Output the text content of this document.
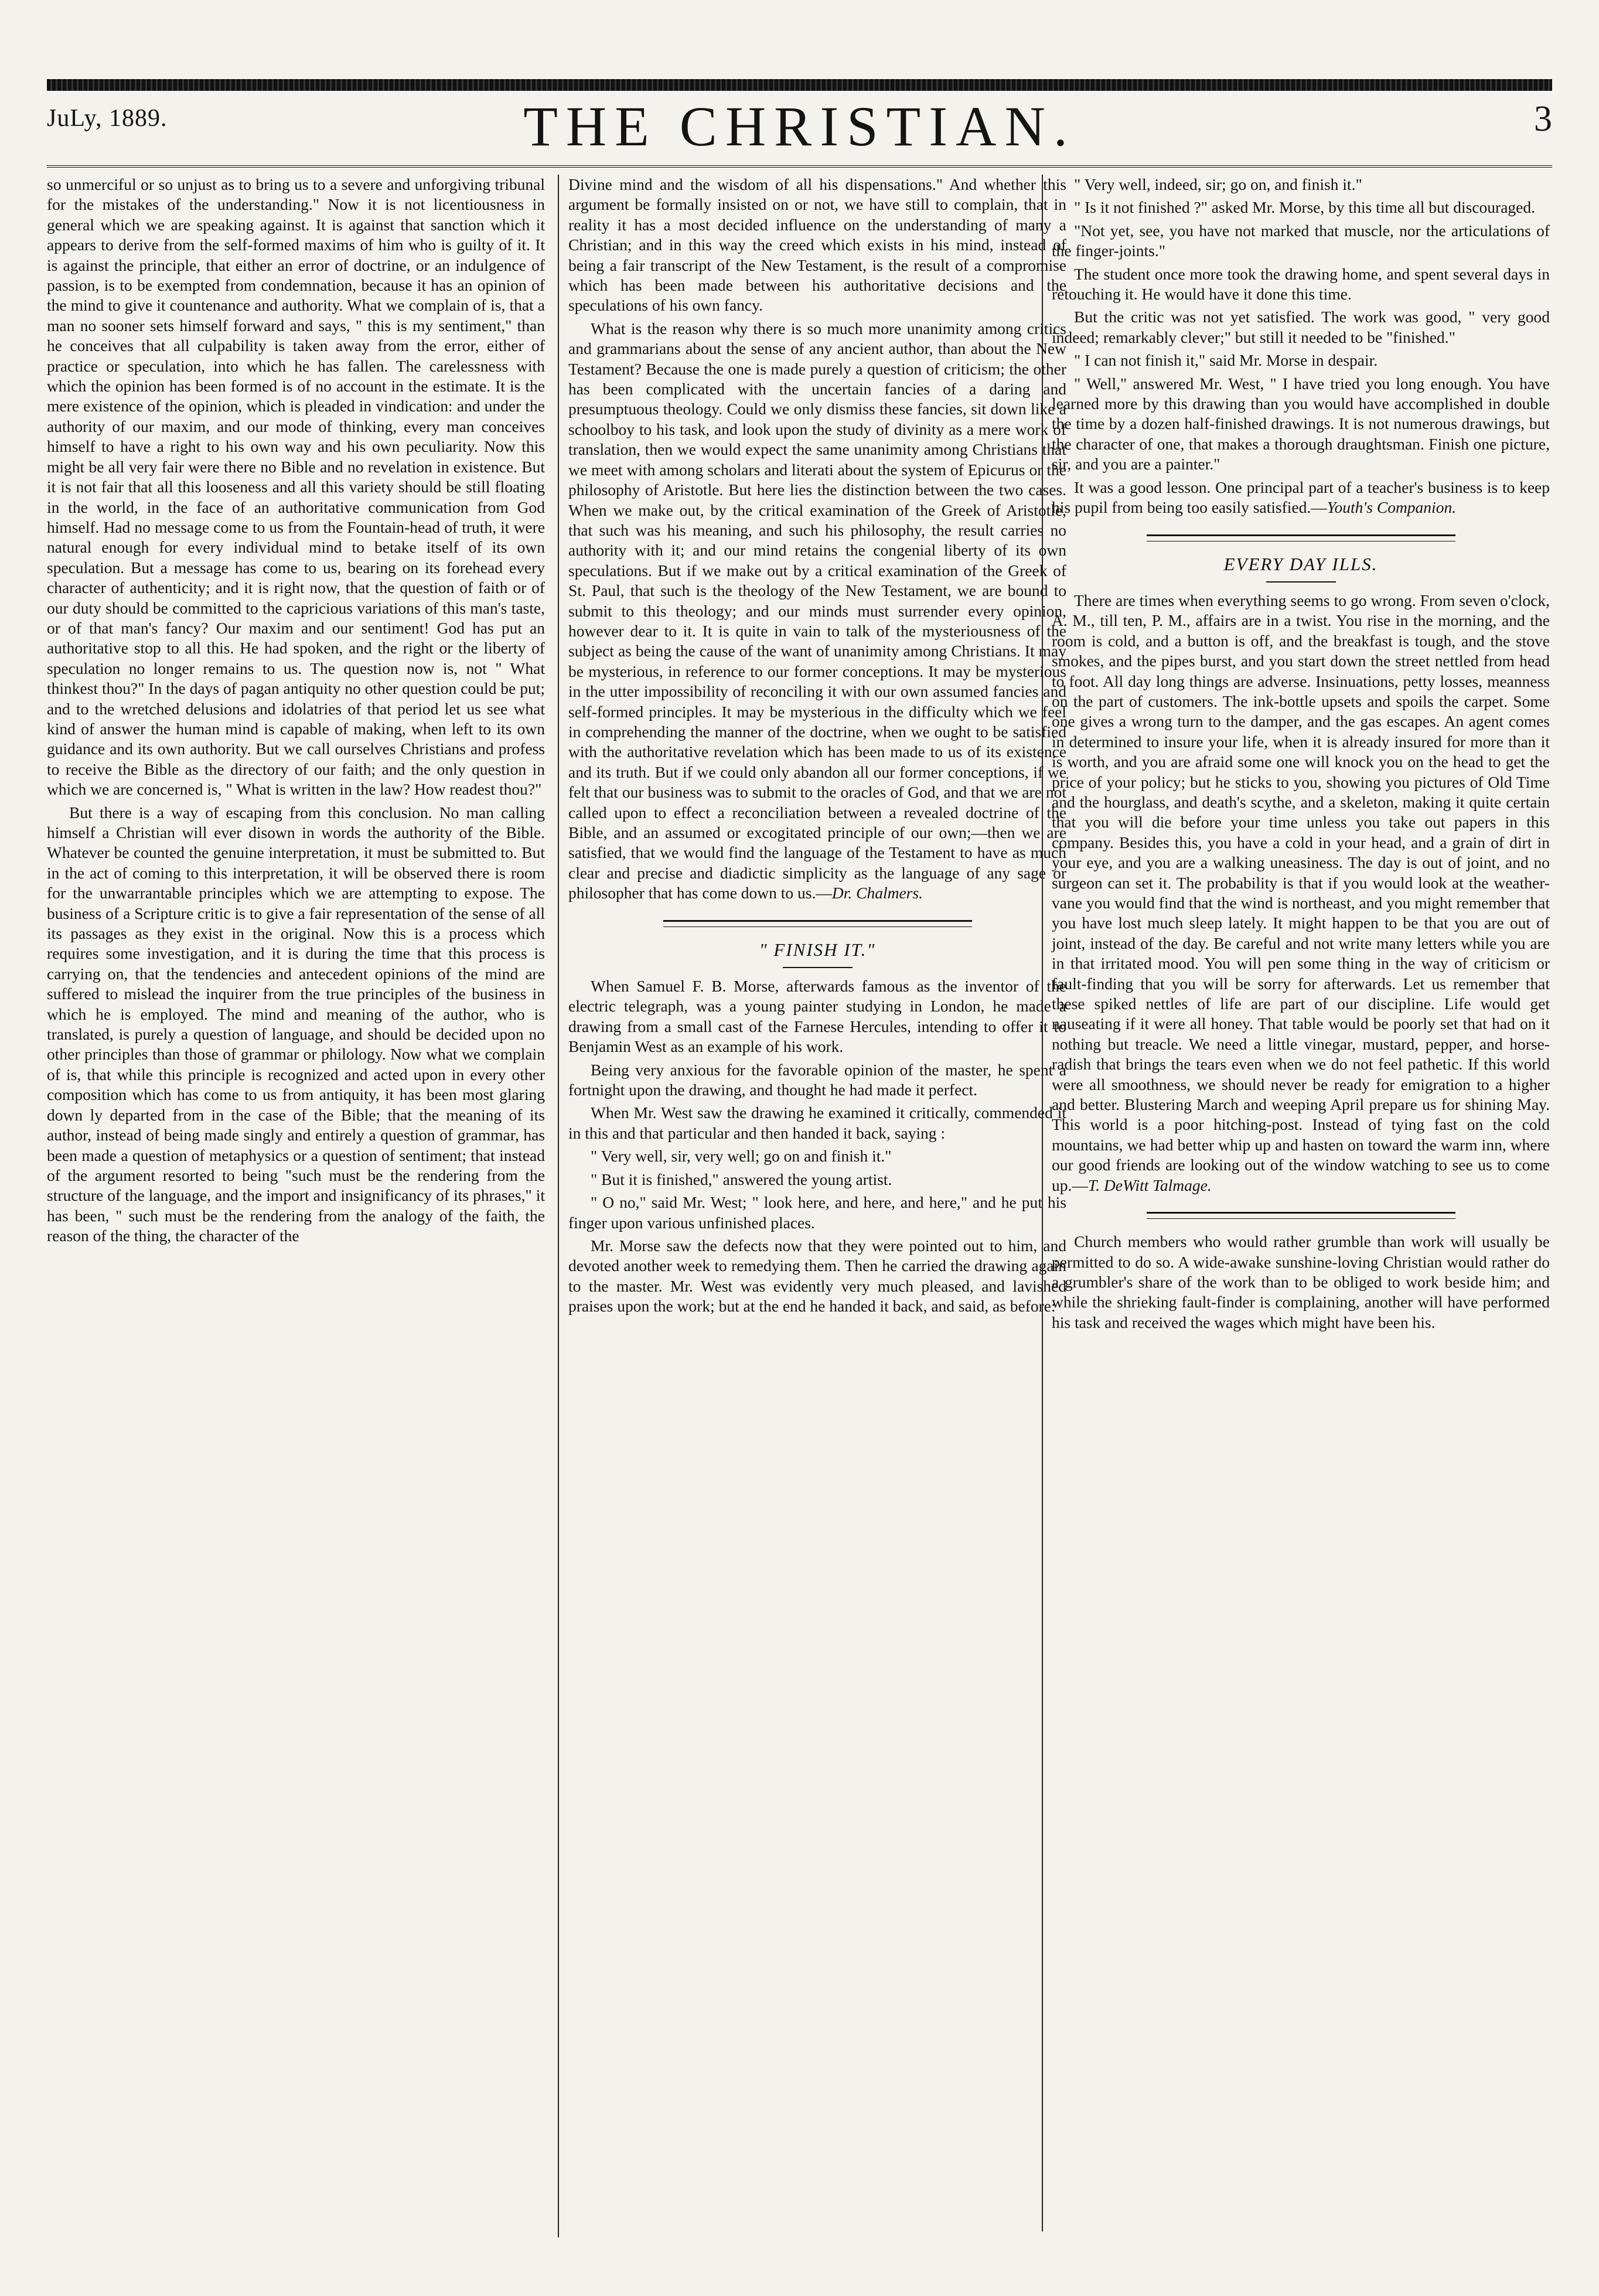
JuLy, 1889.	THE CHRISTIAN.	3

so unmerciful or so unjust as to bring us to a severe and unforgiving tribunal for the mistakes of the understanding." Now it is not licentiousness in general which we are speaking against. It is against that sanction which it appears to derive from the self-formed maxims of him who is guilty of it. It is against the principle, that either an error of doctrine, or an indulgence of passion, is to be exempted from condemnation, because it has an opinion of the mind to give it countenance and authority. What we complain of is, that a man no sooner sets himself forward and says, " this is my sentiment," than he conceives that all culpability is taken away from the error, either of practice or speculation, into which he has fallen. The carelessness with which the opinion has been formed is of no account in the estimate. It is the mere existence of the opinion, which is pleaded in vindication: and under the authority of our maxim, and our mode of thinking, every man conceives himself to have a right to his own way and his own peculiarity. Now this might be all very fair were there no Bible and no revelation in existence. But it is not fair that all this looseness and all this variety should be still floating in the world, in the face of an authoritative communication from God himself. Had no message come to us from the Fountain-head of truth, it were natural enough for every individual mind to betake itself of its own speculation. But a message has come to us, bearing on its forehead every character of authenticity; and it is right now, that the question of faith or of our duty should be committed to the capricious variations of this man's taste, or of that man's fancy? Our maxim and our sentiment! God has put an authoritative stop to all this. He had spoken, and the right or the liberty of speculation no longer remains to us. The question now is, not " What thinkest thou?" In the days of pagan antiquity no other question could be put; and to the wretched delusions and idolatries of that period let us see what kind of answer the human mind is capable of making, when left to its own guidance and its own authority. But we call ourselves Christians and profess to receive the Bible as the directory of our faith; and the only question in which we are concerned is, " What is written in the law? How readest thou?"

But there is a way of escaping from this conclusion. No man calling himself a Christian will ever disown in words the authority of the Bible. Whatever be counted the genuine interpretation, it must be submitted to. But in the act of coming to this interpretation, it will be observed there is room for the unwarrantable principles which we are attempting to expose. The business of a Scripture critic is to give a fair representation of the sense of all its passages as they exist in the original. Now this is a process which requires some investigation, and it is during the time that this process is carrying on, that the tendencies and antecedent opinions of the mind are suffered to mislead the inquirer from the true principles of the business in which he is employed. The mind and meaning of the author, who is translated, is purely a question of language, and should be decided upon no other principles than those of grammar or philology. Now what we complain of is, that while this principle is recognized and acted upon in every other composition which has come to us from antiquity, it has been most glaring down ly departed from in the case of the Bible; that the meaning of its author, instead of being made singly and entirely a question of grammar, has been made a question of metaphysics or a question of sentiment; that instead of the argument resorted to being "such must be the rendering from the structure of the language, and the import and insignificancy of its phrases," it has been, " such must be the rendering from the analogy of the faith, the reason of the thing, the character of the

Divine mind and the wisdom of all his dispensations." And whether this argument be formally insisted on or not, we have still to complain, that in reality it has a most decided influence on the understanding of many a Christian; and in this way the creed which exists in his mind, instead of being a fair transcript of the New Testament, is the result of a compromise which has been made between his authoritative decisions and the speculations of his own fancy.

What is the reason why there is so much more unanimity among critics and grammarians about the sense of any ancient author, than about the New Testament? Because the one is made purely a question of criticism; the other has been complicated with the uncertain fancies of a daring and presumptuous theology. Could we only dismiss these fancies, sit down like a schoolboy to his task, and look upon the study of divinity as a mere work of translation, then we would expect the same unanimity among Christians that we meet with among scholars and literati about the system of Epicurus or the philosophy of Aristotle. But here lies the distinction between the two cases. When we make out, by the critical examination of the Greek of Aristotle, that such was his meaning, and such his philosophy, the result carries no authority with it; and our mind retains the congenial liberty of its own speculations. But if we make out by a critical examination of the Greek of St. Paul, that such is the theology of the New Testament, we are bound to submit to this theology; and our minds must surrender every opinion, however dear to it. It is quite in vain to talk of the mysteriousness of the subject as being the cause of the want of unanimity among Christians. It may be mysterious, in reference to our former conceptions. It may be mysterious in the utter impossibility of reconciling it with our own assumed fancies and self-formed principles. It may be mysterious in the difficulty which we feel in comprehending the manner of the doctrine, when we ought to be satisfied with the authoritative revelation which has been made to us of its existence and its truth. But if we could only abandon all our former conceptions, if we felt that our business was to submit to the oracles of God, and that we are not called upon to effect a reconciliation between a revealed doctrine of the Bible, and an assumed or excogitated principle of our own;—then we are satisfied, that we would find the language of the Testament to have as much clear and precise and diadictic simplicity as the language of any sage or philosopher that has come down to us.—Dr. Chalmers.

" FINISH IT."

When Samuel F. B. Morse, afterwards famous as the inventor of the electric telegraph, was a young painter studying in London, he made a drawing from a small cast of the Farnese Hercules, intending to offer it to Benjamin West as an example of his work.

Being very anxious for the favorable opinion of the master, he spent a fortnight upon the drawing, and thought he had made it perfect.

When Mr. West saw the drawing he examined it critically, commended it in this and that particular and then handed it back, saying :

" Very well, sir, very well; go on and finish it."

" But it is finished," answered the young artist.

" O no," said Mr. West; " look here, and here, and here," and he put his finger upon various unfinished places.

Mr. Morse saw the defects now that they were pointed out to him, and devoted another week to remedying them. Then he carried the drawing again to the master. Mr. West was evidently very much pleased, and lavished praises upon the work; but at the end he handed it back, and said, as before:

" Very well, indeed, sir; go on, and finish it."

" Is it not finished ?" asked Mr. Morse, by this time all but discouraged.

"Not yet, see, you have not marked that muscle, nor the articulations of the finger-joints."

The student once more took the drawing home, and spent several days in retouching it. He would have it done this time.

But the critic was not yet satisfied. The work was good, " very good indeed; remarkably clever;" but still it needed to be "finished."

" I can not finish it," said Mr. Morse in despair.

" Well," answered Mr. West, " I have tried you long enough. You have learned more by this drawing than you would have accomplished in double the time by a dozen half-finished drawings. It is not numerous drawings, but the character of one, that makes a thorough draughtsman. Finish one picture, sir, and you are a painter."

It was a good lesson. One principal part of a teacher's business is to keep his pupil from being too easily satisfied.—Youth's Companion.

EVERY DAY ILLS.

There are times when everything seems to go wrong. From seven o'clock, A. M., till ten, P. M., affairs are in a twist. You rise in the morning, and the room is cold, and a button is off, and the breakfast is tough, and the stove smokes, and the pipes burst, and you start down the street nettled from head to foot. All day long things are adverse. Insinuations, petty losses, meanness on the part of customers. The ink-bottle upsets and spoils the carpet. Some one gives a wrong turn to the damper, and the gas escapes. An agent comes in determined to insure your life, when it is already insured for more than it is worth, and you are afraid some one will knock you on the head to get the price of your policy; but he sticks to you, showing you pictures of Old Time and the hourglass, and death's scythe, and a skeleton, making it quite certain that you will die before your time unless you take out papers in this company. Besides this, you have a cold in your head, and a grain of dirt in your eye, and you are a walking uneasiness. The day is out of joint, and no surgeon can set it. The probability is that if you would look at the weather-vane you would find that the wind is northeast, and you might remember that you have lost much sleep lately. It might happen to be that you are out of joint, instead of the day. Be careful and not write many letters while you are in that irritated mood. You will pen some thing in the way of criticism or fault-finding that you will be sorry for afterwards. Let us remember that these spiked nettles of life are part of our discipline. Life would get nauseating if it were all honey. That table would be poorly set that had on it nothing but treacle. We need a little vinegar, mustard, pepper, and horse-radish that brings the tears even when we do not feel pathetic. If this world were all smoothness, we should never be ready for emigration to a higher and better. Blustering March and weeping April prepare us for shining May. This world is a poor hitching-post. Instead of tying fast on the cold mountains, we had better whip up and hasten on toward the warm inn, where our good friends are looking out of the window watching to see us to come up.—T. DeWitt Talmage.

Church members who would rather grumble than work will usually be permitted to do so. A wide-awake sunshine-loving Christian would rather do a grumbler's share of the work than to be obliged to work beside him; and while the shrieking fault-finder is complaining, another will have performed his task and received the wages which might have been his.
